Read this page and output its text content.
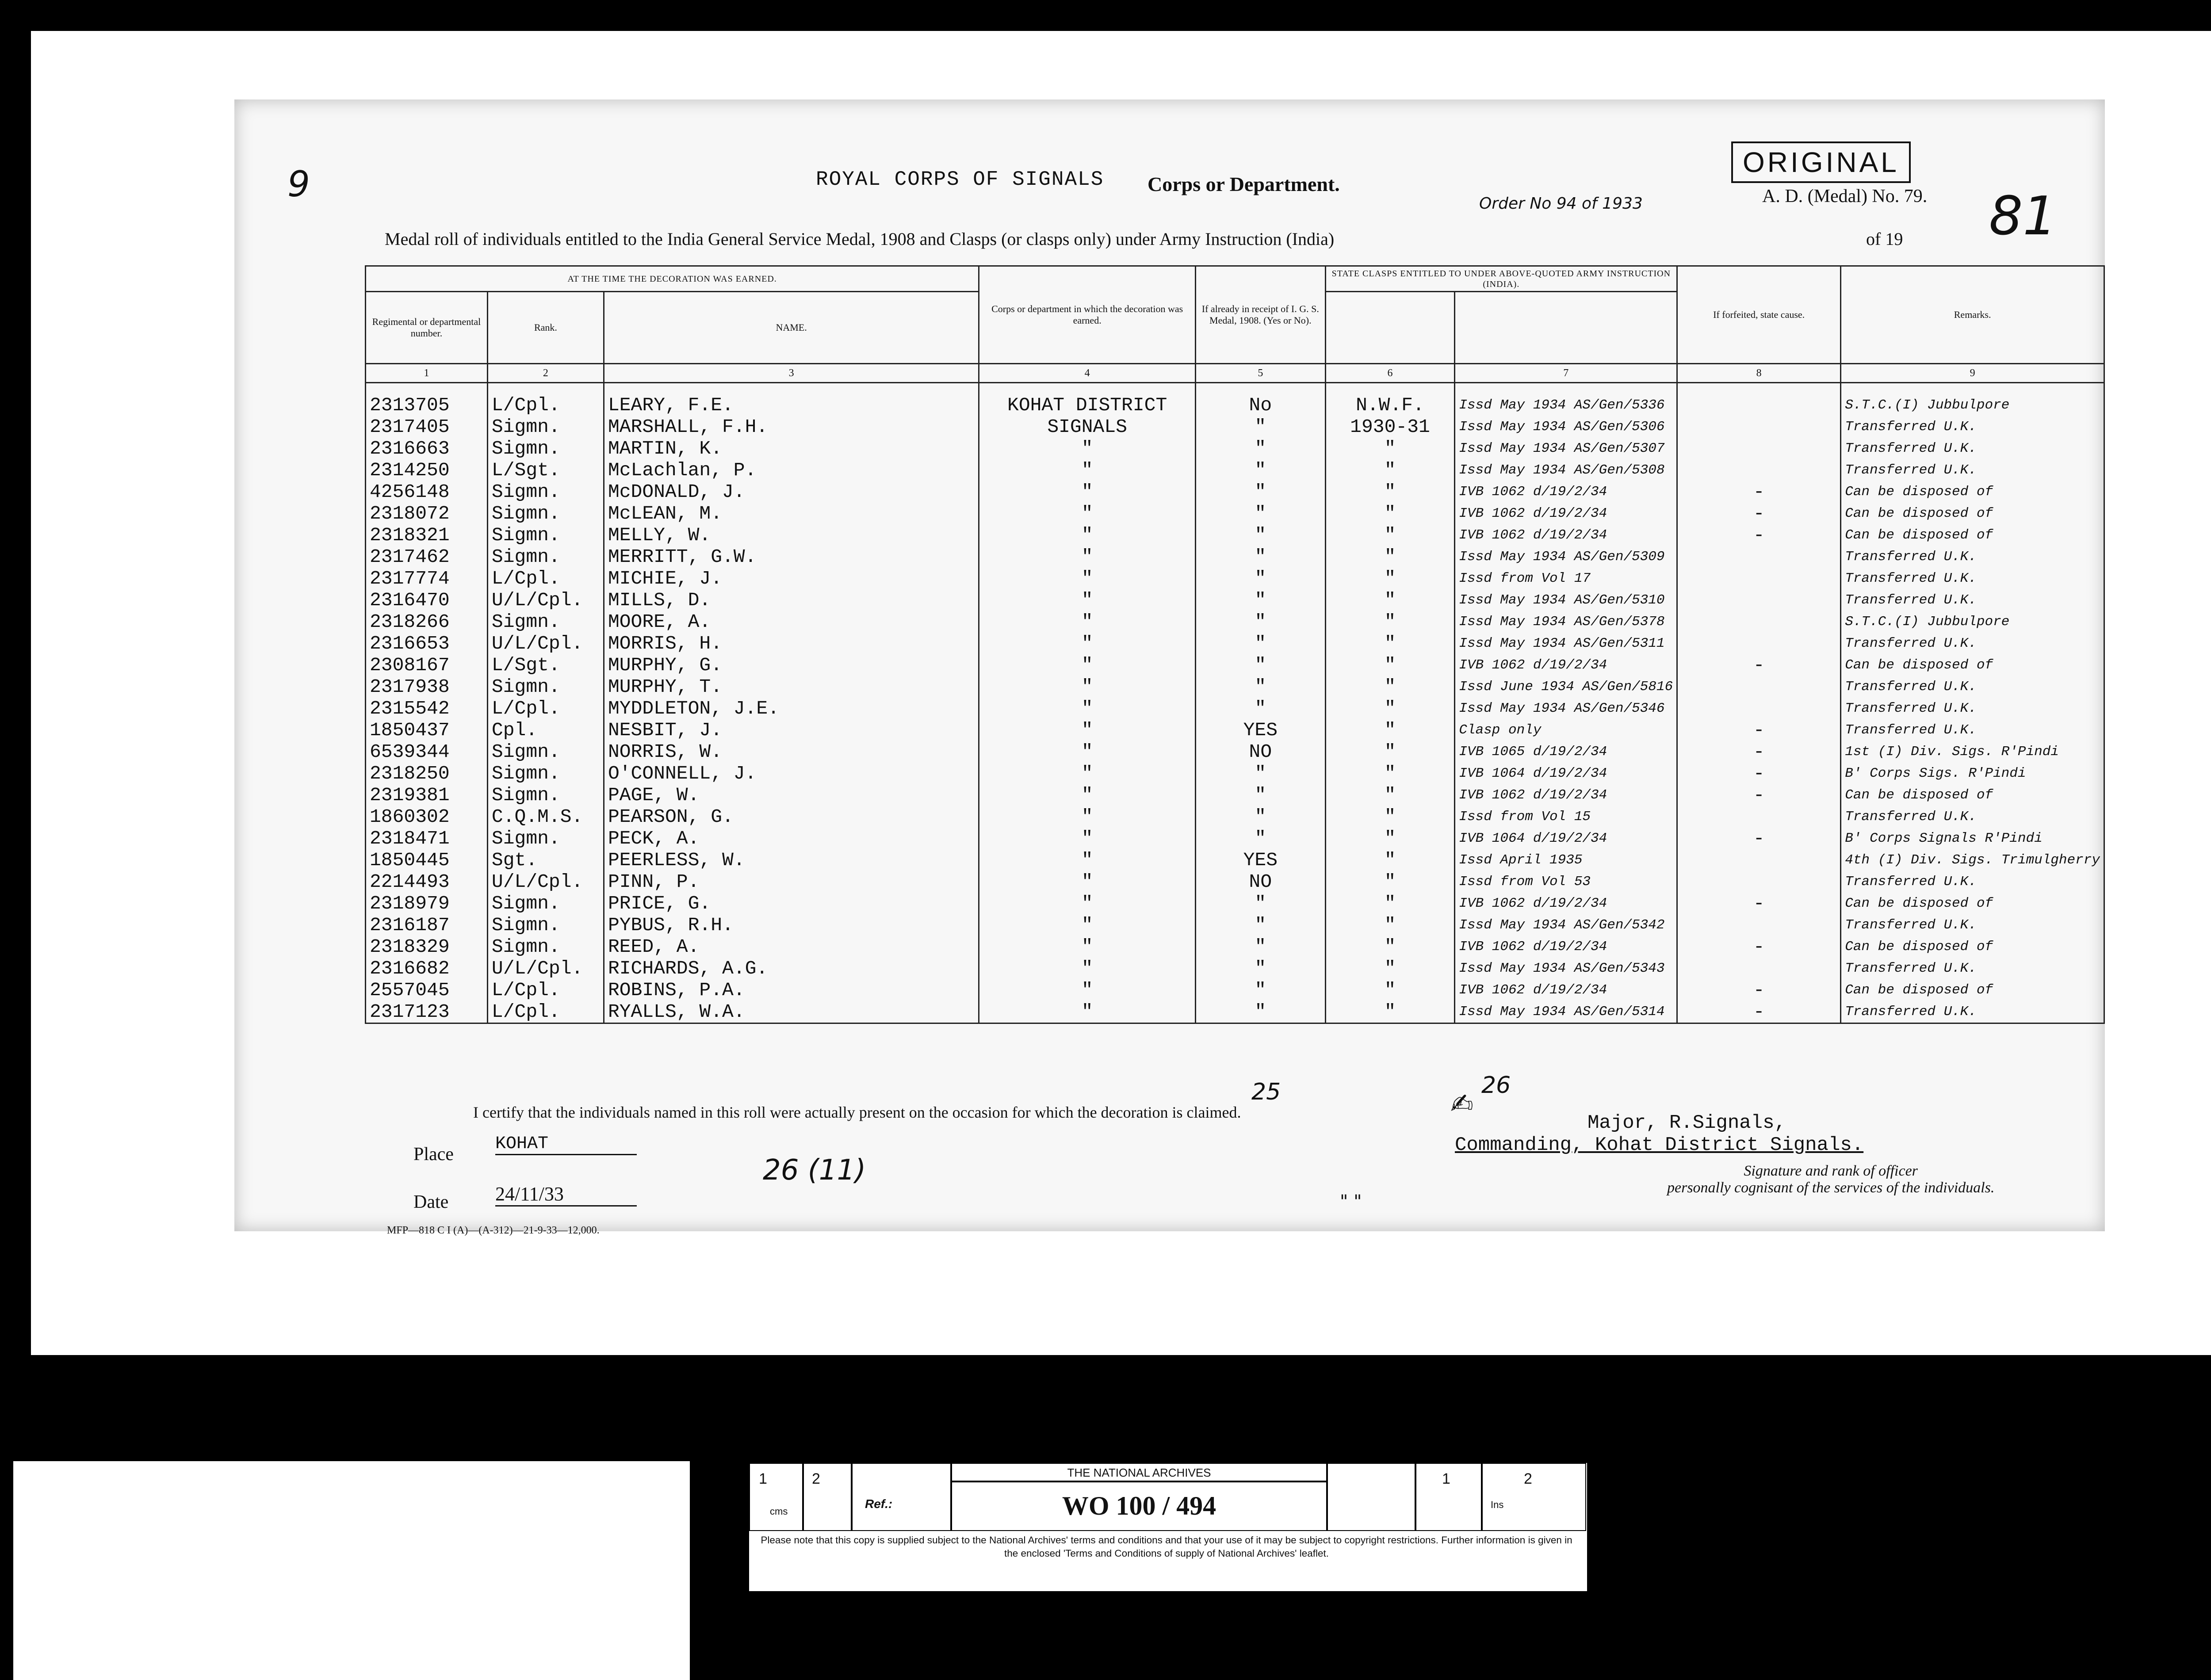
9	ROYAL CORPS OF SIGNALS Corps or Department.
ORIGINAL
A. D. (Medal) No. 79. 81
Order No 94 of 1933
Medal roll of individuals entitled to the India General Service Medal, 1908 and Clasps (or clasps only) under Army Instruction (India)	of 19
AT THE TIME THE DECORATION WAS EARNED.			Corps or department in which the decoration was earned.	If already in receipt of I. G. S. Medal, 1908. (Yes or No).	STATE CLASPS ENTITLED TO UNDER ABOVE-QUOTED ARMY INSTRUCTION (INDIA).		If forfeited, state cause.	Remarks.
Regimental or departmental number.	Rank.	NAME.						
1	2	3	4	5	6	7	8	9
2313705	L/Cpl.	LEARY, F.E.	KOHAT DISTRICT	No	N.W.F.	Issd May 1934 AS/Gen/5336		S.T.C.(I) Jubbulpore
2317405	Sigmn.	MARSHALL, F.H.	SIGNALS	"	1930-31	Issd May 1934 AS/Gen/5306		Transferred U.K.
2316663	Sigmn.	MARTIN, K.	"	"	"	Issd May 1934 AS/Gen/5307		Transferred U.K.
2314250	L/Sgt.	McLachlan, P.	"	"	"	Issd May 1934 AS/Gen/5308		Transferred U.K.
4256148	Sigmn.	McDONALD, J.	"	"	"	IVB 1062 d/19/2/34	-	Can be disposed of
2318072	Sigmn.	McLEAN, M.	"	"	"	IVB 1062 d/19/2/34	-	Can be disposed of
2318321	Sigmn.	MELLY, W.	"	"	"	IVB 1062 d/19/2/34	-	Can be disposed of
2317462	Sigmn.	MERRITT, G.W.	"	"	"	Issd May 1934 AS/Gen/5309		Transferred U.K.
2317774	L/Cpl.	MICHIE, J.	"	"	"	Issd from Vol 17		Transferred U.K.
2316470	U/L/Cpl.	MILLS, D.	"	"	"	Issd May 1934 AS/Gen/5310		Transferred U.K.
2318266	Sigmn.	MOORE, A.	"	"	"	Issd May 1934 AS/Gen/5378		S.T.C.(I) Jubbulpore
2316653	U/L/Cpl.	MORRIS, H.	"	"	"	Issd May 1934 AS/Gen/5311		Transferred U.K.
2308167	L/Sgt.	MURPHY, G.	"	"	"	IVB 1062 d/19/2/34	-	Can be disposed of
2317938	Sigmn.	MURPHY, T.	"	"	"	Issd June 1934 AS/Gen/5816		Transferred U.K.
2315542	L/Cpl.	MYDDLETON, J.E.	"	"	"	Issd May 1934 AS/Gen/5346		Transferred U.K.
1850437	Cpl.	NESBIT, J.	"	YES	"	Clasp only	-	Transferred U.K.
6539344	Sigmn.	NORRIS, W.	"	NO	"	IVB 1065 d/19/2/34	-	1st (I) Div. Sigs. R'Pindi
2318250	Sigmn.	O'CONNELL, J.	"	"	"	IVB 1064 d/19/2/34	-	B' Corps Sigs. R'Pindi
2319381	Sigmn.	PAGE, W.	"	"	"	IVB 1062 d/19/2/34	-	Can be disposed of
1860302	C.Q.M.S.	PEARSON, G.	"	"	"	Issd from Vol 15		Transferred U.K.
2318471	Sigmn.	PECK, A.	"	"	"	IVB 1064 d/19/2/34	-	B' Corps Signals R'Pindi
1850445	Sgt.	PEERLESS, W.	"	YES	"	Issd April 1935		4th (I) Div. Sigs. Trimulgherry
2214493	U/L/Cpl.	PINN, P.	"	NO	"	Issd from Vol 53		Transferred U.K.
2318979	Sigmn.	PRICE, G.	"	"	"	IVB 1062 d/19/2/34	-	Can be disposed of
2316187	Sigmn.	PYBUS, R.H.	"	"	"	Issd May 1934 AS/Gen/5342		Transferred U.K.
2318329	Sigmn.	REED, A.	"	"	"	IVB 1062 d/19/2/34	-	Can be disposed of
2316682	U/L/Cpl.	RICHARDS, A.G.	"	"	"	Issd May 1934 AS/Gen/5343		Transferred U.K.
2557045	L/Cpl.	ROBINS, P.A.	"	"	"	IVB 1062 d/19/2/34	-	Can be disposed of
2317123	L/Cpl.	RYALLS, W.A.	"	"	"	Issd May 1934 AS/Gen/5314	-	Transferred U.K.
25	26
I certify that the individuals named in this roll were actually present on the occasion for which the decoration is claimed.	✍
Major, R.Signals,
Commanding, Kohat District Signals.
Signature and rank of officer
personally cognisant of the services of the individuals.
Place
KOHAT
Date 24/11/33
26 (11)
" "
MFP—818 C I (A)—(A-312)—21-9-33—12,000.
1
cms
2
Ref.:
THE NATIONAL ARCHIVES
WO 100 / 494
1
Ins
2
Please note that this copy is supplied subject to the National Archives' terms and conditions and that your use of it may be subject to copyright restrictions. Further information is given in the enclosed 'Terms and Conditions of supply of National Archives' leaflet.
